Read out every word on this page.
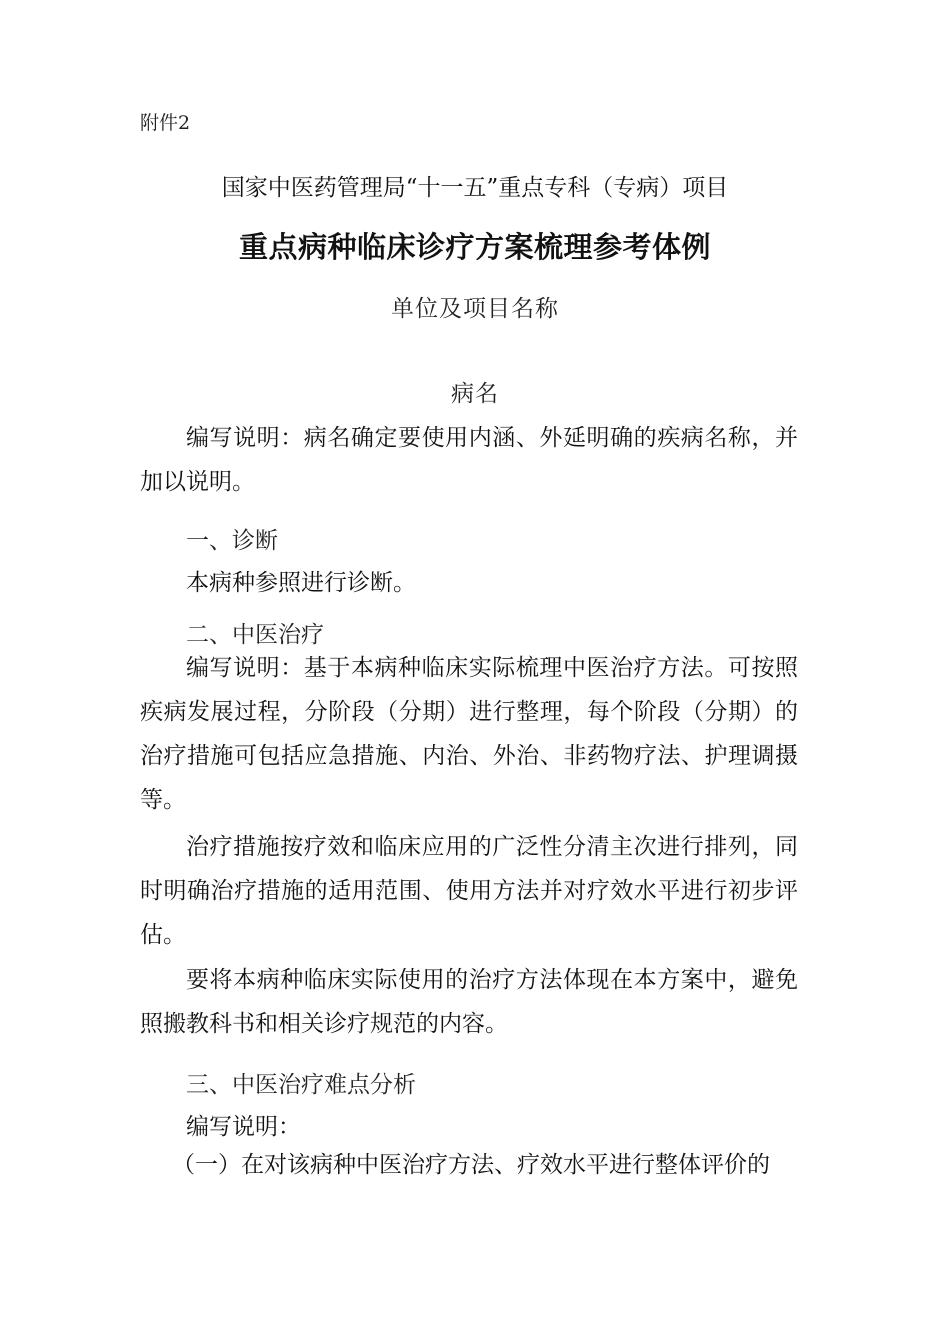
附件2
国家中医药管理局“十一五”重点专科（专病）项目
重点病种临床诊疗方案梳理参考体例
单位及项目名称
病名

编写说明：病名确定要使用内涵、外延明确的疾病名称，并加以说明。

一、诊断
本病种参照进行诊断。
二、中医治疗

编写说明：基于本病种临床实际梳理中医治疗方法。可按照疾病发展过程，分阶段（分期）进行整理，每个阶段（分期）的治疗措施可包括应急措施、内治、外治、非药物疗法、护理调摄等。

治疗措施按疗效和临床应用的广泛性分清主次进行排列，同时明确治疗措施的适用范围、使用方法并对疗效水平进行初步评估。

要将本病种临床实际使用的治疗方法体现在本方案中，避免照搬教科书和相关诊疗规范的内容。

三、中医治疗难点分析
编写说明：
（一）在对该病种中医治疗方法、疗效水平进行整体评价的
